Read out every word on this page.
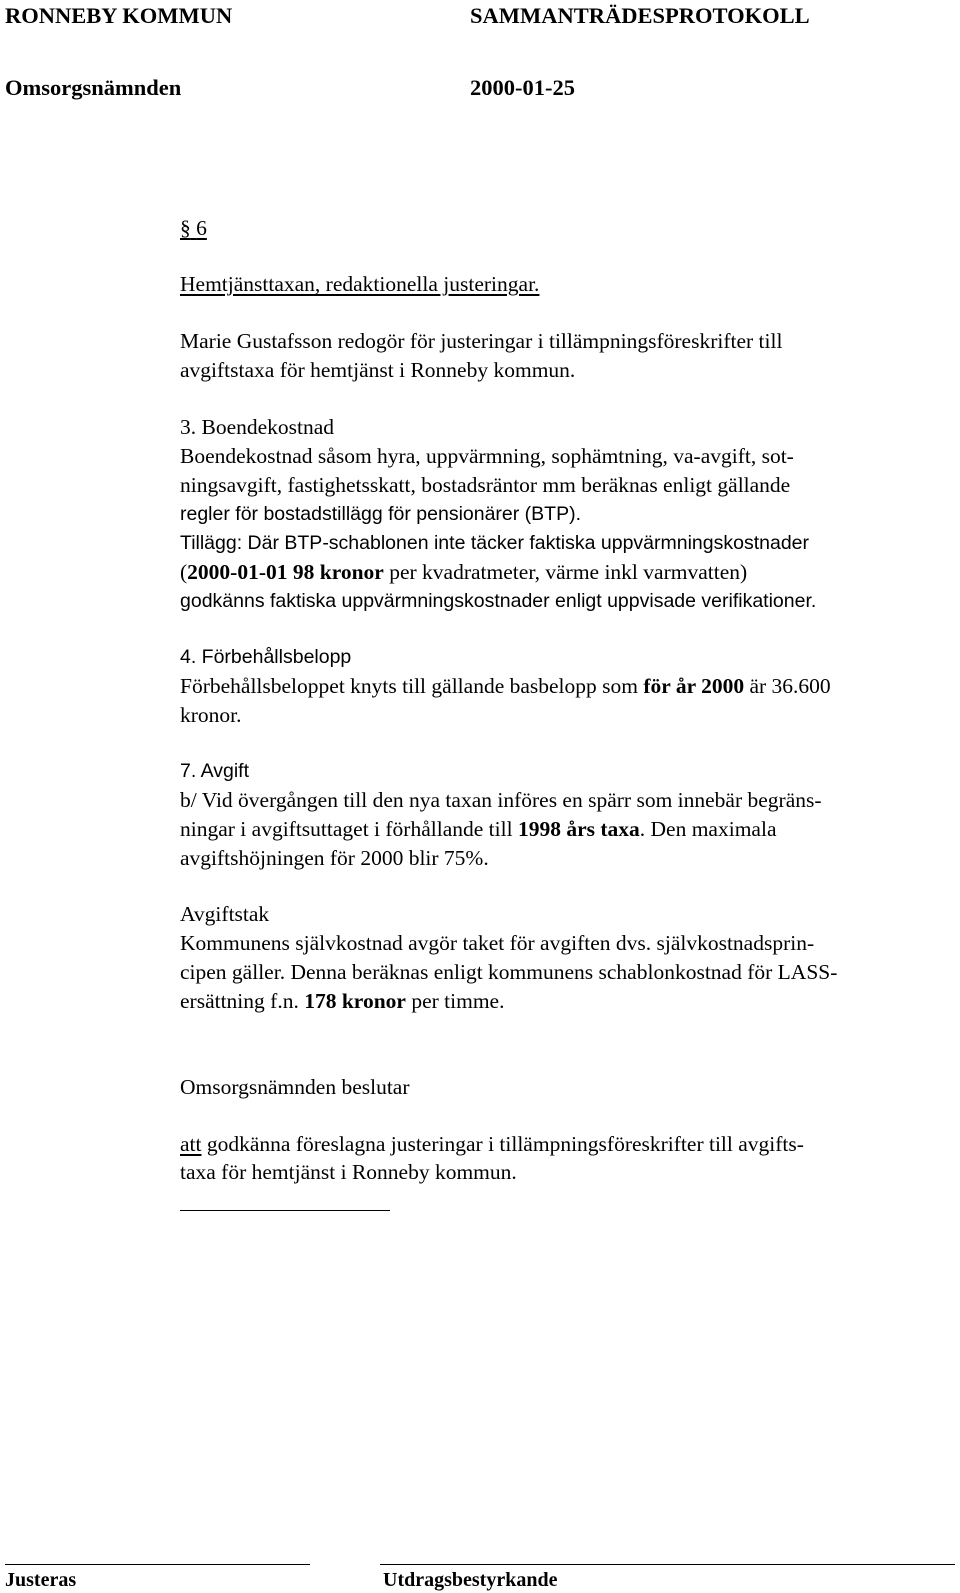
RONNEBY KOMMUN	SAMMANTRÄDESPROTOKOLL
Omsorgsnämnden	2000-01-25
§ 6
Hemtjänsttaxan, redaktionella justeringar.
Marie Gustafsson redogör för justeringar i tillämpningsföreskrifter till
avgiftstaxa för hemtjänst i Ronneby kommun.
3. Boendekostnad
Boendekostnad såsom hyra, uppvärmning, sophämtning, va-avgift, sot-
ningsavgift, fastighetsskatt, bostadsräntor mm beräknas enligt gällande
regler för bostadstillägg för pensionärer (BTP).
Tillägg: Där BTP-schablonen inte täcker faktiska uppvärmningskostnader
(2000-01-01 98 kronor per kvadratmeter, värme inkl varmvatten)
godkänns faktiska uppvärmningskostnader enligt uppvisade verifikationer.
4. Förbehållsbelopp
Förbehållsbeloppet knyts till gällande basbelopp som för år 2000 är 36.600
kronor.
7. Avgift
b/ Vid övergången till den nya taxan införes en spärr som innebär begräns-
ningar i avgiftsuttaget i förhållande till 1998 års taxa. Den maximala
avgiftshöjningen för 2000 blir 75%.
Avgiftstak
Kommunens självkostnad avgör taket för avgiften dvs. självkostnadsprin-
cipen gäller. Denna beräknas enligt kommunens schablonkostnad för LASS-
ersättning f.n. 178 kronor per timme.
Omsorgsnämnden beslutar
att godkänna föreslagna justeringar i tillämpningsföreskrifter till avgifts-
taxa för hemtjänst i Ronneby kommun.
Justeras	Utdragsbestyrkande
